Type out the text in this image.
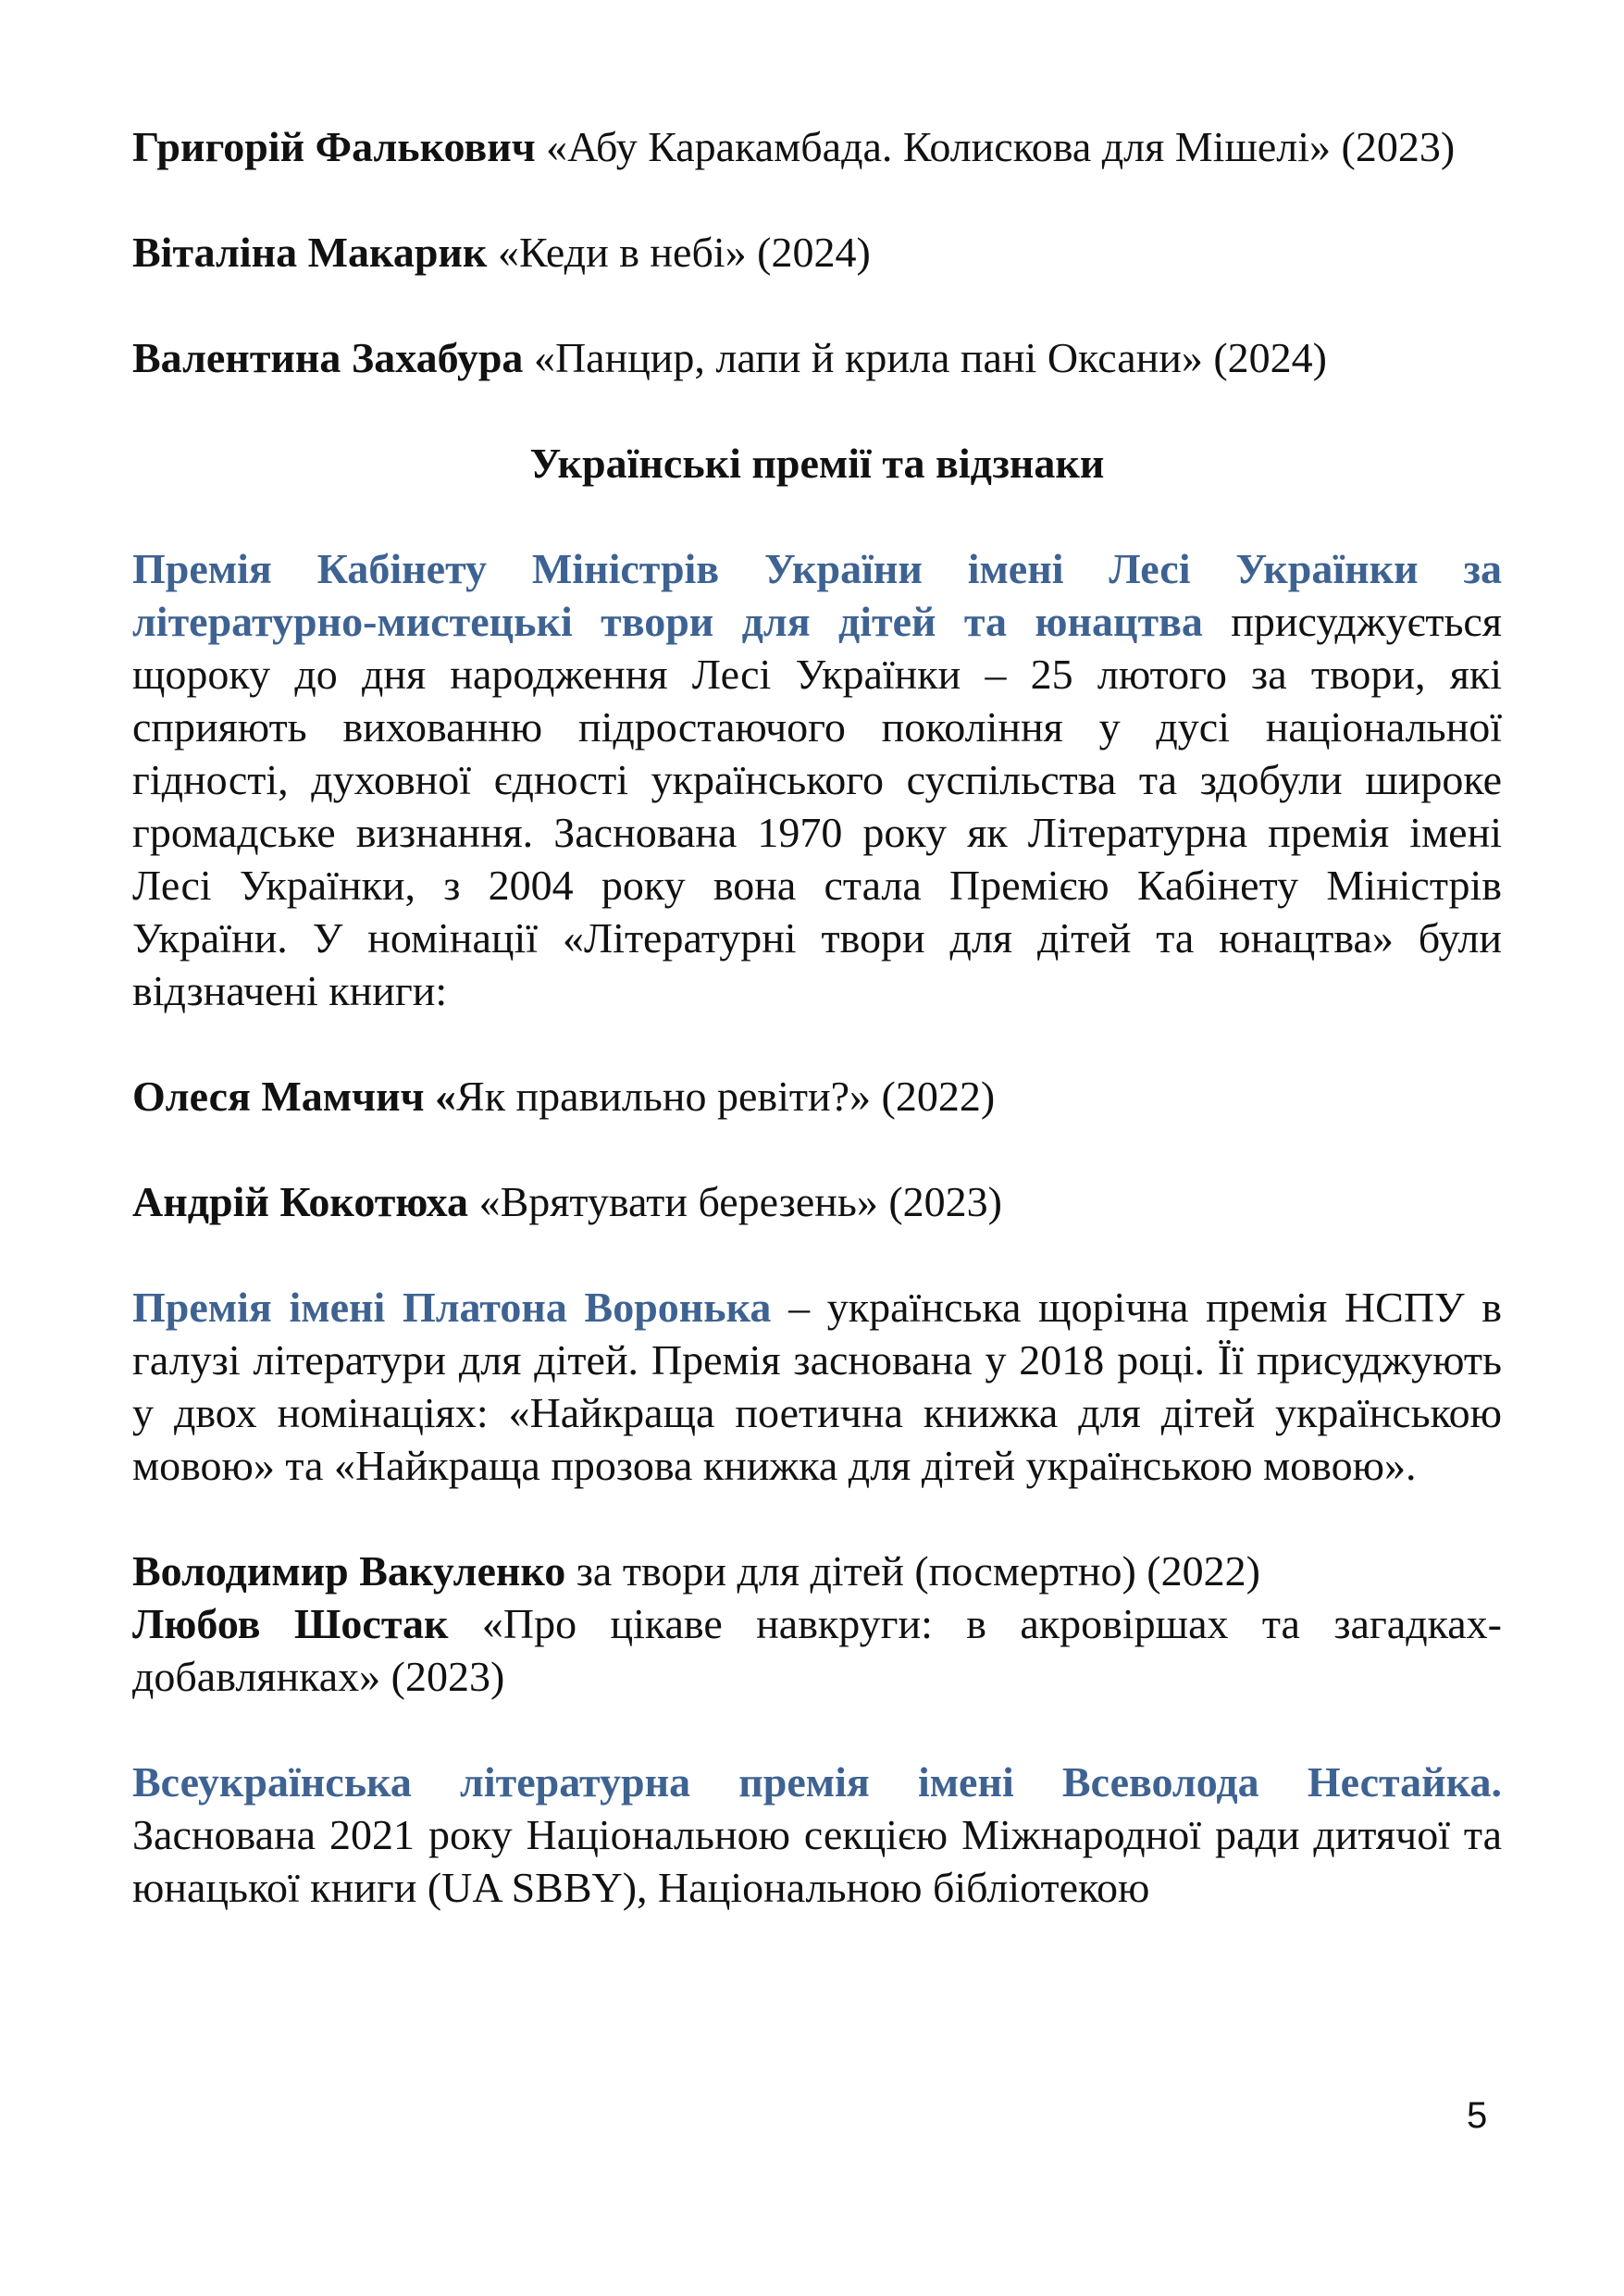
Григорій Фалькович «Абу Каракамбада. Колискова для Мішелі» (2023)

Віталіна Макарик «Кеди в небі» (2024)

Валентина Захабура «Панцир, лапи й крила пані Оксани» (2024)

Українські премії та відзнаки

Премія Кабінету Міністрів України імені Лесі Українки за літературно-мистецькі твори для дітей та юнацтва присуджується щороку до дня народження Лесі Українки – 25 лютого за твори, які сприяють вихованню підростаючого покоління у дусі національної гідності, духовної єдності українського суспільства та здобули широке громадське визнання. Заснована 1970 року як Літературна премія імені Лесі Українки, з 2004 року вона стала Премією Кабінету Міністрів України. У номінації «Літературні твори для дітей та юнацтва» були відзначені книги:

Олеся Мамчич «Як правильно ревіти?» (2022)

Андрій Кокотюха «Врятувати березень» (2023)

Премія імені Платона Воронька – українська щорічна премія НСПУ в галузі літератури для дітей. Премія заснована у 2018 році. Її присуджують у двох номінаціях: «Найкраща поетична книжка для дітей українською мовою» та «Найкраща прозова книжка для дітей українською мовою».

Володимир Вакуленко за твори для дітей (посмертно) (2022)

Любов Шостак «Про цікаве навкруги: в акровіршах та загадках-добавлянках» (2023)

Всеукраїнська літературна премія імені Всеволода Нестайка. Заснована 2021 року Національною секцією Міжнародної ради дитячої та юнацької книги (UA SBBY), Національною бібліотекою

5
